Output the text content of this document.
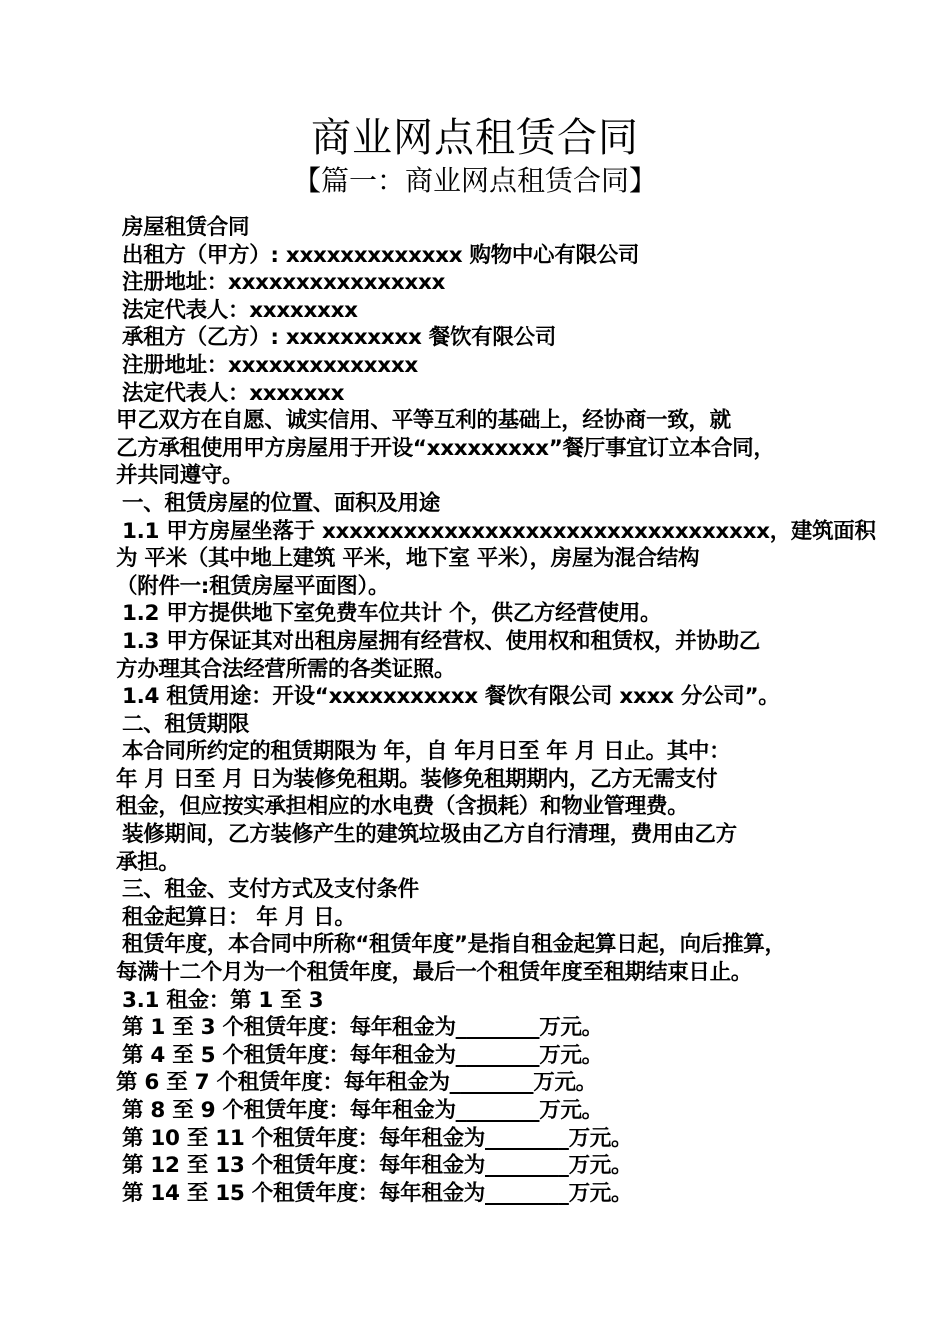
商业网点租赁合同
【篇一：商业网点租赁合同】
房屋租赁合同
出租方（甲方）: xxxxxxxxxxxxx 购物中心有限公司
注册地址：xxxxxxxxxxxxxxxx
法定代表人：xxxxxxxx
承租方（乙方）: xxxxxxxxxx 餐饮有限公司
注册地址：xxxxxxxxxxxxxx
法定代表人：xxxxxxx
甲乙双方在自愿、诚实信用、平等互利的基础上，经协商一致，就
乙方承租使用甲方房屋用于开设“xxxxxxxxx”餐厅事宜订立本合同，
并共同遵守。
一、租赁房屋的位置、面积及用途
1.1 甲方房屋坐落于 xxxxxxxxxxxxxxxxxxxxxxxxxxxxxxxxx，建筑面积
为 平米（其中地上建筑 平米，地下室 平米），房屋为混合结构
（附件一:租赁房屋平面图）。
1.2 甲方提供地下室免费车位共计 个，供乙方经营使用。
1.3 甲方保证其对出租房屋拥有经营权、使用权和租赁权，并协助乙
方办理其合法经营所需的各类证照。
1.4 租赁用途：开设“xxxxxxxxxxx 餐饮有限公司 xxxx 分公司”。
二、租赁期限
本合同所约定的租赁期限为 年，自 年月日至 年 月 日止。其中：
年 月 日至 月 日为装修免租期。装修免租期期内，乙方无需支付
租金，但应按实承担相应的水电费（含损耗）和物业管理费。
装修期间，乙方装修产生的建筑垃圾由乙方自行清理，费用由乙方
承担。
三、租金、支付方式及支付条件
租金起算日： 年 月 日。
租赁年度，本合同中所称“租赁年度”是指自租金起算日起，向后推算，
每满十二个月为一个租赁年度，最后一个租赁年度至租期结束日止。
3.1 租金：第 1 至 3
第 1 至 3 个租赁年度：每年租金为________万元。
第 4 至 5 个租赁年度：每年租金为________万元。
第 6 至 7 个租赁年度：每年租金为________万元。
第 8 至 9 个租赁年度：每年租金为________万元。
第 10 至 11 个租赁年度：每年租金为________万元。
第 12 至 13 个租赁年度：每年租金为________万元。
第 14 至 15 个租赁年度：每年租金为________万元。
